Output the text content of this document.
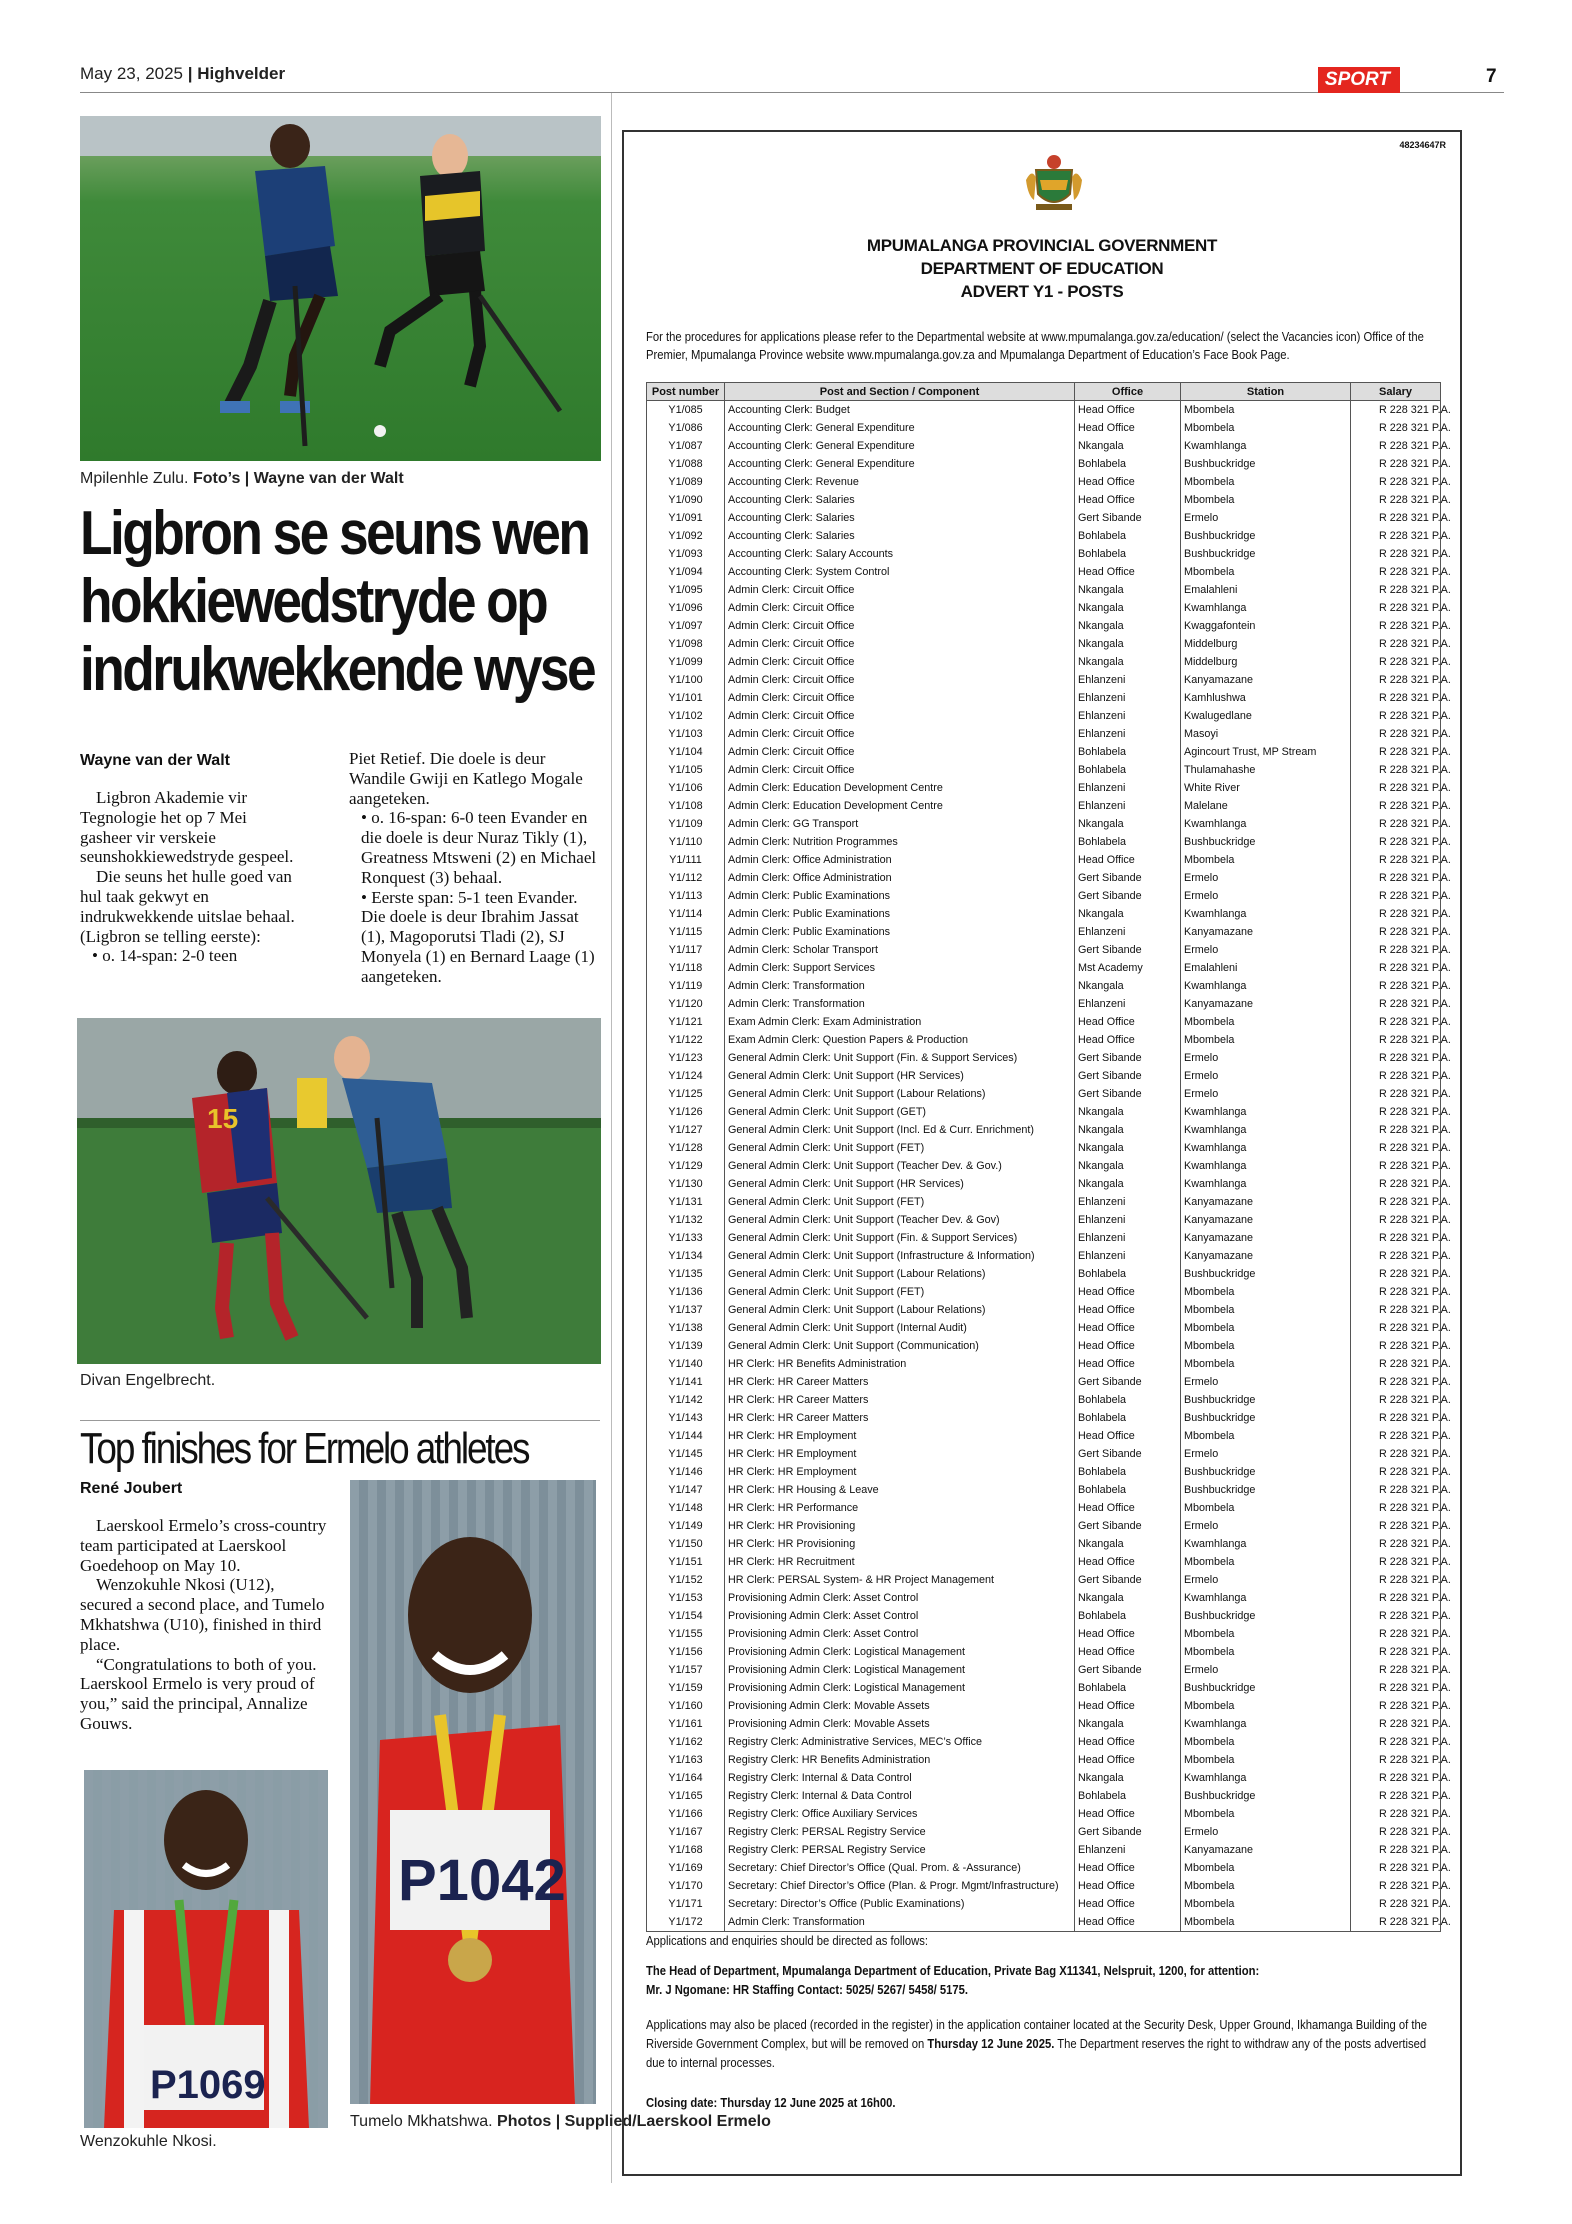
May 23, 2025 | Highvelder	SPORT	7
Mpilenhle Zulu. Foto’s | Wayne van der Walt
Ligbron se seuns wen hokkiewedstryde op indrukwekkende wyse
Wayne van der Walt

Ligbron Akademie vir Tegnologie het op 7 Mei gasheer vir verskeie seunshokkiewedstryde gespeel.

Die seuns het hulle goed van hul taak gekwyt en indrukwekkende uitslae behaal. (Ligbron se telling eerste):

• o. 14-span: 2-0 teen

Piet Retief. Die doele is deur Wandile Gwiji en Katlego Mogale aangeteken.

• o. 16-span: 6-0 teen Evander en die doele is deur Nuraz Tikly (1), Greatness Mtsweni (2) en Michael Ronquest (3) behaal.

• Eerste span: 5-1 teen Evander. Die doele is deur Ibrahim Jassat (1), Magoporutsi Tladi (2), SJ Monyela (1) en Bernard Laage (1) aangeteken.

15
Divan Engelbrecht.
Top finishes for Ermelo athletes
René Joubert

Laerskool Ermelo’s cross-country team participated at Laerskool Goedehoop on May 10.

Wenzokuhle Nkosi (U12), secured a second place, and Tumelo Mkhatshwa (U10), finished in third place.

“Congratulations to both of you. Laerskool Ermelo is very proud of you,” said the principal, Annalize Gouws.

P1042
Tumelo Mkhatshwa. Photos | Supplied/Laerskool Ermelo
P1069
Wenzokuhle Nkosi.
48234647R
MPUMALANGA PROVINCIAL GOVERNMENT
DEPARTMENT OF EDUCATION
ADVERT Y1 - POSTS
For the procedures for applications please refer to the Departmental website at www.mpumalanga.gov.za/education/ (select the Vacancies icon) Office of the Premier, Mpumalanga Province website www.mpumalanga.gov.za and Mpumalanga Department of Education’s Face Book Page.
Post number	Post and Section / Component	Office	Station	Salary
Y1/085	Accounting Clerk: Budget	Head Office	Mbombela	R 228 321 P.A.
Y1/086	Accounting Clerk: General Expenditure	Head Office	Mbombela	R 228 321 P.A.
Y1/087	Accounting Clerk: General Expenditure	Nkangala	Kwamhlanga	R 228 321 P.A.
Y1/088	Accounting Clerk: General Expenditure	Bohlabela	Bushbuckridge	R 228 321 P.A.
Y1/089	Accounting Clerk: Revenue	Head Office	Mbombela	R 228 321 P.A.
Y1/090	Accounting Clerk: Salaries	Head Office	Mbombela	R 228 321 P.A.
Y1/091	Accounting Clerk: Salaries	Gert Sibande	Ermelo	R 228 321 P.A.
Y1/092	Accounting Clerk: Salaries	Bohlabela	Bushbuckridge	R 228 321 P.A.
Y1/093	Accounting Clerk: Salary Accounts	Bohlabela	Bushbuckridge	R 228 321 P.A.
Y1/094	Accounting Clerk: System Control	Head Office	Mbombela	R 228 321 P.A.
Y1/095	Admin Clerk: Circuit Office	Nkangala	Emalahleni	R 228 321 P.A.
Y1/096	Admin Clerk: Circuit Office	Nkangala	Kwamhlanga	R 228 321 P.A.
Y1/097	Admin Clerk: Circuit Office	Nkangala	Kwaggafontein	R 228 321 P.A.
Y1/098	Admin Clerk: Circuit Office	Nkangala	Middelburg	R 228 321 P.A.
Y1/099	Admin Clerk: Circuit Office	Nkangala	Middelburg	R 228 321 P.A.
Y1/100	Admin Clerk: Circuit Office	Ehlanzeni	Kanyamazane	R 228 321 P.A.
Y1/101	Admin Clerk: Circuit Office	Ehlanzeni	Kamhlushwa	R 228 321 P.A.
Y1/102	Admin Clerk: Circuit Office	Ehlanzeni	Kwalugedlane	R 228 321 P.A.
Y1/103	Admin Clerk: Circuit Office	Ehlanzeni	Masoyi	R 228 321 P.A.
Y1/104	Admin Clerk: Circuit Office	Bohlabela	Agincourt Trust, MP Stream	R 228 321 P.A.
Y1/105	Admin Clerk: Circuit Office	Bohlabela	Thulamahashe	R 228 321 P.A.
Y1/106	Admin Clerk: Education Development Centre	Ehlanzeni	White River	R 228 321 P.A.
Y1/108	Admin Clerk: Education Development Centre	Ehlanzeni	Malelane	R 228 321 P.A.
Y1/109	Admin Clerk: GG Transport	Nkangala	Kwamhlanga	R 228 321 P.A.
Y1/110	Admin Clerk: Nutrition Programmes	Bohlabela	Bushbuckridge	R 228 321 P.A.
Y1/111	Admin Clerk: Office Administration	Head Office	Mbombela	R 228 321 P.A.
Y1/112	Admin Clerk: Office Administration	Gert Sibande	Ermelo	R 228 321 P.A.
Y1/113	Admin Clerk: Public Examinations	Gert Sibande	Ermelo	R 228 321 P.A.
Y1/114	Admin Clerk: Public Examinations	Nkangala	Kwamhlanga	R 228 321 P.A.
Y1/115	Admin Clerk: Public Examinations	Ehlanzeni	Kanyamazane	R 228 321 P.A.
Y1/117	Admin Clerk: Scholar Transport	Gert Sibande	Ermelo	R 228 321 P.A.
Y1/118	Admin Clerk: Support Services	Mst Academy	Emalahleni	R 228 321 P.A.
Y1/119	Admin Clerk: Transformation	Nkangala	Kwamhlanga	R 228 321 P.A.
Y1/120	Admin Clerk: Transformation	Ehlanzeni	Kanyamazane	R 228 321 P.A.
Y1/121	Exam Admin Clerk: Exam Administration	Head Office	Mbombela	R 228 321 P.A.
Y1/122	Exam Admin Clerk: Question Papers & Production	Head Office	Mbombela	R 228 321 P.A.
Y1/123	General Admin Clerk: Unit Support (Fin. & Support Services)	Gert Sibande	Ermelo	R 228 321 P.A.
Y1/124	General Admin Clerk: Unit Support (HR Services)	Gert Sibande	Ermelo	R 228 321 P.A.
Y1/125	General Admin Clerk: Unit Support (Labour Relations)	Gert Sibande	Ermelo	R 228 321 P.A.
Y1/126	General Admin Clerk: Unit Support (GET)	Nkangala	Kwamhlanga	R 228 321 P.A.
Y1/127	General Admin Clerk: Unit Support (Incl. Ed & Curr. Enrichment)	Nkangala	Kwamhlanga	R 228 321 P.A.
Y1/128	General Admin Clerk: Unit Support (FET)	Nkangala	Kwamhlanga	R 228 321 P.A.
Y1/129	General Admin Clerk: Unit Support (Teacher Dev. & Gov.)	Nkangala	Kwamhlanga	R 228 321 P.A.
Y1/130	General Admin Clerk: Unit Support (HR Services)	Nkangala	Kwamhlanga	R 228 321 P.A.
Y1/131	General Admin Clerk: Unit Support (FET)	Ehlanzeni	Kanyamazane	R 228 321 P.A.
Y1/132	General Admin Clerk: Unit Support (Teacher Dev. & Gov)	Ehlanzeni	Kanyamazane	R 228 321 P.A.
Y1/133	General Admin Clerk: Unit Support (Fin. & Support Services)	Ehlanzeni	Kanyamazane	R 228 321 P.A.
Y1/134	General Admin Clerk: Unit Support (Infrastructure & Information)	Ehlanzeni	Kanyamazane	R 228 321 P.A.
Y1/135	General Admin Clerk: Unit Support (Labour Relations)	Bohlabela	Bushbuckridge	R 228 321 P.A.
Y1/136	General Admin Clerk: Unit Support (FET)	Head Office	Mbombela	R 228 321 P.A.
Y1/137	General Admin Clerk: Unit Support (Labour Relations)	Head Office	Mbombela	R 228 321 P.A.
Y1/138	General Admin Clerk: Unit Support (Internal Audit)	Head Office	Mbombela	R 228 321 P.A.
Y1/139	General Admin Clerk: Unit Support (Communication)	Head Office	Mbombela	R 228 321 P.A.
Y1/140	HR Clerk: HR Benefits Administration	Head Office	Mbombela	R 228 321 P.A.
Y1/141	HR Clerk: HR Career Matters	Gert Sibande	Ermelo	R 228 321 P.A.
Y1/142	HR Clerk: HR Career Matters	Bohlabela	Bushbuckridge	R 228 321 P.A.
Y1/143	HR Clerk: HR Career Matters	Bohlabela	Bushbuckridge	R 228 321 P.A.
Y1/144	HR Clerk: HR Employment	Head Office	Mbombela	R 228 321 P.A.
Y1/145	HR Clerk: HR Employment	Gert Sibande	Ermelo	R 228 321 P.A.
Y1/146	HR Clerk: HR Employment	Bohlabela	Bushbuckridge	R 228 321 P.A.
Y1/147	HR Clerk: HR Housing & Leave	Bohlabela	Bushbuckridge	R 228 321 P.A.
Y1/148	HR Clerk: HR Performance	Head Office	Mbombela	R 228 321 P.A.
Y1/149	HR Clerk: HR Provisioning	Gert Sibande	Ermelo	R 228 321 P.A.
Y1/150	HR Clerk: HR Provisioning	Nkangala	Kwamhlanga	R 228 321 P.A.
Y1/151	HR Clerk: HR Recruitment	Head Office	Mbombela	R 228 321 P.A.
Y1/152	HR Clerk: PERSAL System- & HR Project Management	Gert Sibande	Ermelo	R 228 321 P.A.
Y1/153	Provisioning Admin Clerk: Asset Control	Nkangala	Kwamhlanga	R 228 321 P.A.
Y1/154	Provisioning Admin Clerk: Asset Control	Bohlabela	Bushbuckridge	R 228 321 P.A.
Y1/155	Provisioning Admin Clerk: Asset Control	Head Office	Mbombela	R 228 321 P.A.
Y1/156	Provisioning Admin Clerk: Logistical Management	Head Office	Mbombela	R 228 321 P.A.
Y1/157	Provisioning Admin Clerk: Logistical Management	Gert Sibande	Ermelo	R 228 321 P.A.
Y1/159	Provisioning Admin Clerk: Logistical Management	Bohlabela	Bushbuckridge	R 228 321 P.A.
Y1/160	Provisioning Admin Clerk: Movable Assets	Head Office	Mbombela	R 228 321 P.A.
Y1/161	Provisioning Admin Clerk: Movable Assets	Nkangala	Kwamhlanga	R 228 321 P.A.
Y1/162	Registry Clerk: Administrative Services, MEC’s Office	Head Office	Mbombela	R 228 321 P.A.
Y1/163	Registry Clerk: HR Benefits Administration	Head Office	Mbombela	R 228 321 P.A.
Y1/164	Registry Clerk: Internal & Data Control	Nkangala	Kwamhlanga	R 228 321 P.A.
Y1/165	Registry Clerk: Internal & Data Control	Bohlabela	Bushbuckridge	R 228 321 P.A.
Y1/166	Registry Clerk: Office Auxiliary Services	Head Office	Mbombela	R 228 321 P.A.
Y1/167	Registry Clerk: PERSAL Registry Service	Gert Sibande	Ermelo	R 228 321 P.A.
Y1/168	Registry Clerk: PERSAL Registry Service	Ehlanzeni	Kanyamazane	R 228 321 P.A.
Y1/169	Secretary: Chief Director’s Office (Qual. Prom. & -Assurance)	Head Office	Mbombela	R 228 321 P.A.
Y1/170	Secretary: Chief Director’s Office (Plan. & Progr. Mgmt/Infrastructure)	Head Office	Mbombela	R 228 321 P.A.
Y1/171	Secretary: Director’s Office (Public Examinations)	Head Office	Mbombela	R 228 321 P.A.
Y1/172	Admin Clerk: Transformation	Head Office	Mbombela	R 228 321 P.A.
Applications and enquiries should be directed as follows:
The Head of Department, Mpumalanga Department of Education, Private Bag X11341, Nelspruit, 1200, for attention:
Mr. J Ngomane: HR Staffing Contact: 5025/ 5267/ 5458/ 5175.
Applications may also be placed (recorded in the register) in the application container located at the Security Desk, Upper Ground, Ikhamanga Building of the Riverside Government Complex, but will be removed on Thursday 12 June 2025. The Department reserves the right to withdraw any of the posts advertised due to internal processes.
Closing date: Thursday 12 June 2025 at 16h00.
